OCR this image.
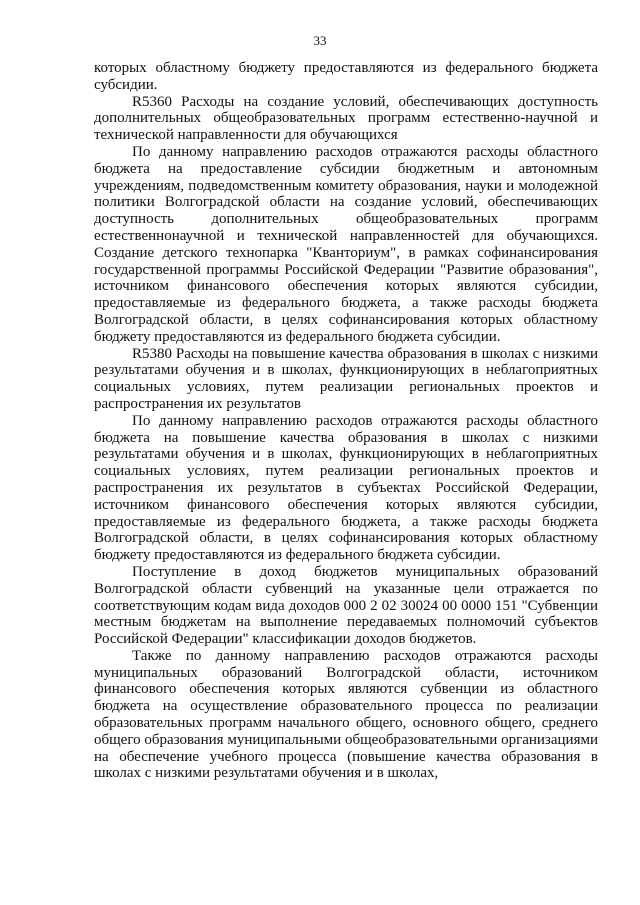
33

которых областному бюджету предоставляются из федерального бюджета субсидии.

R5360 Расходы на создание условий, обеспечивающих доступность дополнительных общеобразовательных программ естественно-научной и технической направленности для обучающихся

По данному направлению расходов отражаются расходы областного бюджета на предоставление субсидии бюджетным и автономным учреждениям, подведомственным комитету образования, науки и молодежной политики Волгоградской области на создание условий, обеспечивающих доступность дополнительных общеобразовательных программ естественнонаучной и технической направленностей для обучающихся. Создание детского технопарка "Кванториум", в рамках софинансирования государственной программы Российской Федерации "Развитие образования", источником финансового обеспечения которых являются субсидии, предоставляемые из федерального бюджета, а также расходы бюджета Волгоградской области, в целях софинансирования которых областному бюджету предоставляются из федерального бюджета субсидии.

R5380 Расходы на повышение качества образования в школах с низкими результатами обучения и в школах, функционирующих в неблагоприятных социальных условиях, путем реализации региональных проектов и распространения их результатов

По данному направлению расходов отражаются расходы областного бюджета на повышение качества образования в школах с низкими результатами обучения и в школах, функционирующих в неблагоприятных социальных условиях, путем реализации региональных проектов и распространения их результатов в субъектах Российской Федерации, источником финансового обеспечения которых являются субсидии, предоставляемые из федерального бюджета, а также расходы бюджета Волгоградской области, в целях софинансирования которых областному бюджету предоставляются из федерального бюджета субсидии.

Поступление в доход бюджетов муниципальных образований Волгоградской области субвенций на указанные цели отражается по соответствующим кодам вида доходов 000 2 02 30024 00 0000 151 "Субвенции местным бюджетам на выполнение передаваемых полномочий субъектов Российской Федерации" классификации доходов бюджетов.

Также по данному направлению расходов отражаются расходы муниципальных образований Волгоградской области, источником финансового обеспечения которых являются субвенции из областного бюджета на осуществление образовательного процесса по реализации образовательных программ начального общего, основного общего, среднего общего образования муниципальными общеобразовательными организациями на обеспечение учебного процесса (повышение качества образования в школах с низкими результатами обучения и в школах,
